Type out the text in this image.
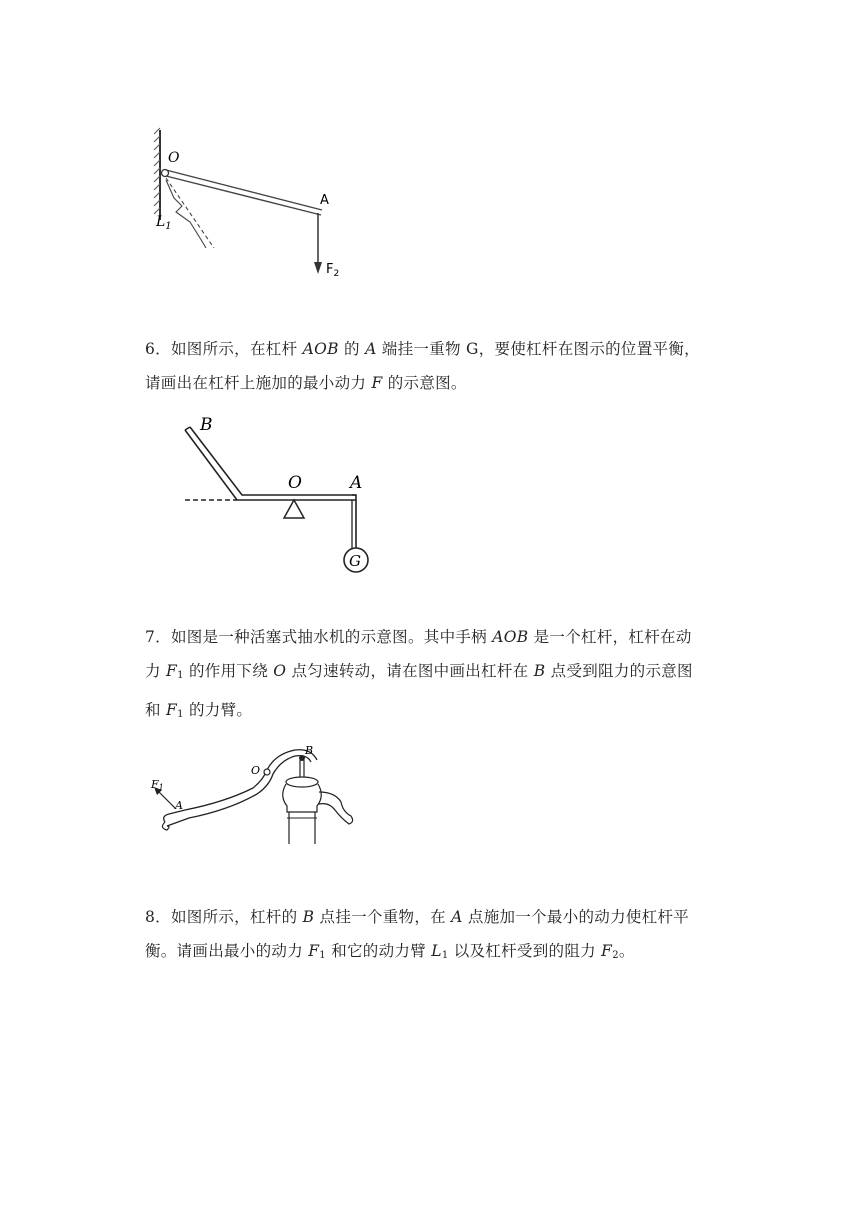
O
A
$L_1$
$F_2$
6．如图所示，在杠杆 AOB 的 A 端挂一重物 G，要使杠杆在图示的位置平衡，
请画出在杠杆上施加的最小动力 F 的示意图。
B
O	A
G
7．如图是一种活塞式抽水机的示意图。其中手柄 AOB 是一个杠杆，杠杆在动
力 $F_1$ 的作用下绕 O 点匀速转动，请在图中画出杠杆在 B 点受到阻力的示意图
和 $F_1$ 的力臂。
F1
A
O
B
8．如图所示，杠杆的 B 点挂一个重物，在 A 点施加一个最小的动力使杠杆平
衡。请画出最小的动力 $F_1$ 和它的动力臂 $L_1$ 以及杠杆受到的阻力 $F_2$。
